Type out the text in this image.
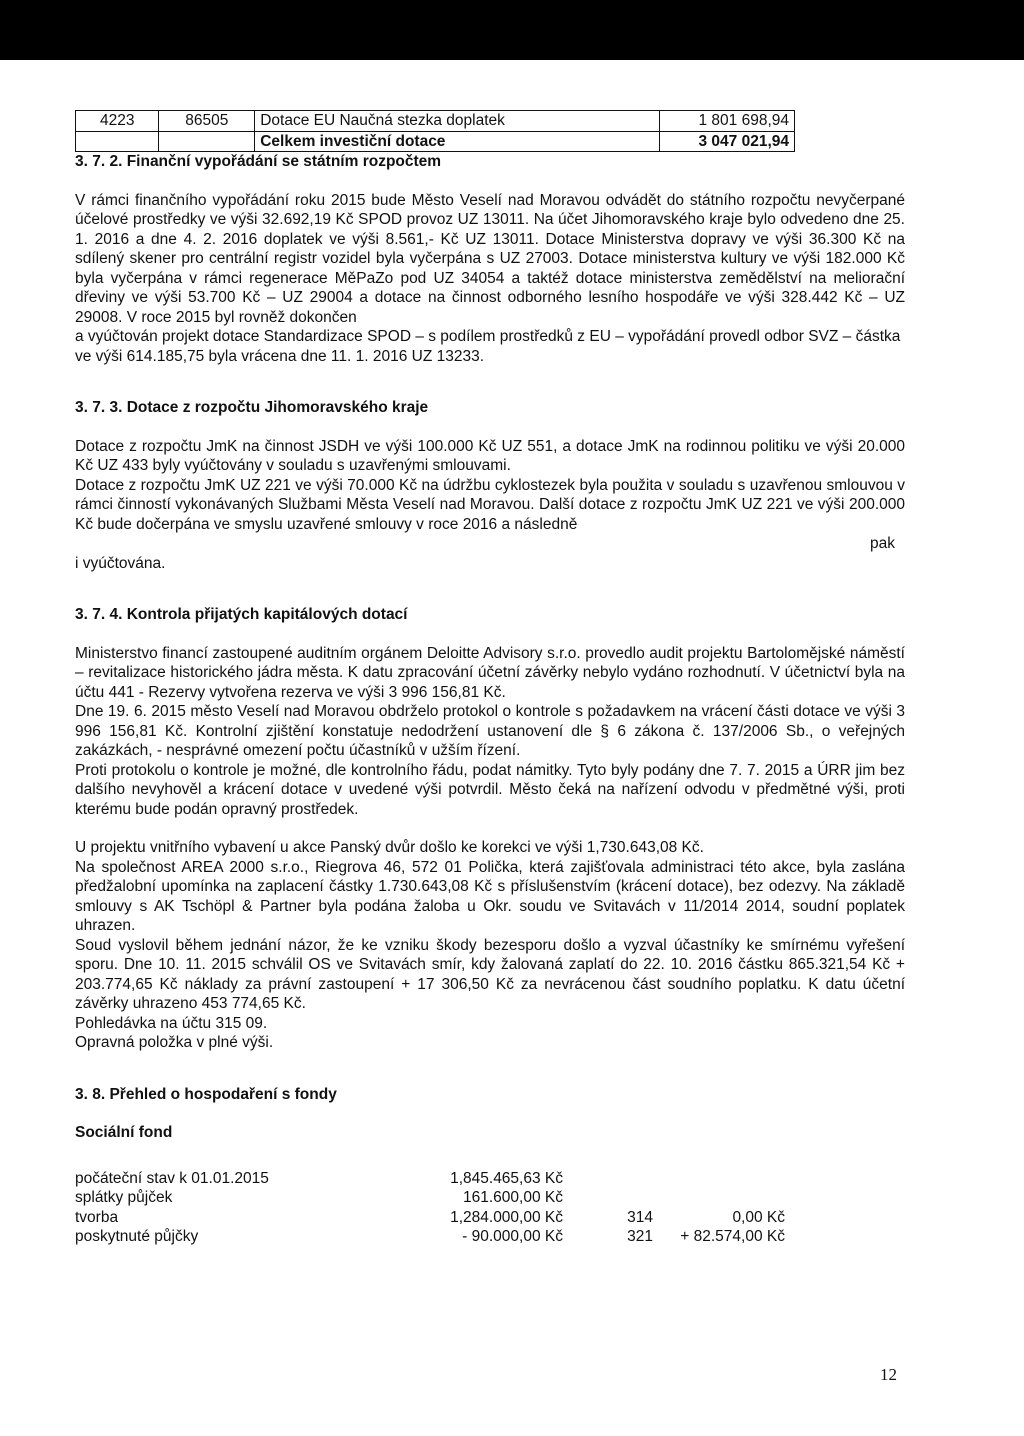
4223	86505	Dotace EU Naučná stezka doplatek	1 801 698,94
		Celkem investiční dotace	3 047 021,94

3. 7. 2. Finanční vypořádání se státním rozpočtem

V rámci finančního vypořádání roku 2015 bude Město Veselí nad Moravou odvádět do státního rozpočtu nevyčerpané účelové prostředky ve výši 32.692,19 Kč SPOD provoz UZ 13011. Na účet Jihomoravského kraje bylo odvedeno dne 25. 1. 2016 a dne 4. 2. 2016 doplatek ve výši 8.561,- Kč UZ 13011. Dotace Ministerstva dopravy ve výši 36.300 Kč na sdílený skener pro centrální registr vozidel byla vyčerpána s UZ 27003. Dotace ministerstva kultury ve výši 182.000 Kč byla vyčerpána v rámci regenerace MěPaZo pod UZ 34054 a taktéž dotace ministerstva zemědělství na meliorační dřeviny ve výši 53.700 Kč – UZ 29004 a dotace na činnost odborného lesního hospodáře ve výši 328.442 Kč – UZ 29008. V roce 2015 byl rovněž dokončen

a vyúčtován projekt dotace Standardizace SPOD – s podílem prostředků z EU – vypořádání provedl odbor SVZ – částka ve výši 614.185,75 byla vrácena dne 11. 1. 2016 UZ 13233.

3. 7. 3. Dotace z rozpočtu Jihomoravského kraje

Dotace z rozpočtu JmK na činnost JSDH ve výši 100.000 Kč UZ 551, a dotace JmK na rodinnou politiku ve výši 20.000 Kč UZ 433 byly vyúčtovány v souladu s uzavřenými smlouvami.

Dotace z rozpočtu JmK UZ 221 ve výši 70.000 Kč na údržbu cyklostezek byla použita v souladu s uzavřenou smlouvou v rámci činností vykonávaných Službami Města Veselí nad Moravou. Další dotace z rozpočtu JmK UZ 221 ve výši 200.000 Kč bude dočerpána ve smyslu uzavřené smlouvy v roce 2016 a následně

pak

i vyúčtována.

3. 7. 4. Kontrola přijatých kapitálových dotací

Ministerstvo financí zastoupené auditním orgánem Deloitte Advisory s.r.o. provedlo audit projektu Bartolomějské náměstí – revitalizace historického jádra města. K datu zpracování účetní závěrky nebylo vydáno rozhodnutí. V účetnictví byla na účtu 441 - Rezervy vytvořena rezerva ve výši 3 996 156,81 Kč.

Dne 19. 6. 2015 město Veselí nad Moravou obdrželo protokol o kontrole s požadavkem na vrácení části dotace ve výši 3 996 156,81 Kč. Kontrolní zjištění konstatuje nedodržení ustanovení dle § 6 zákona č. 137/2006 Sb., o veřejných zakázkách, - nesprávné omezení počtu účastníků v užším řízení.

Proti protokolu o kontrole je možné, dle kontrolního řádu, podat námitky. Tyto byly podány dne 7. 7. 2015 a ÚRR jim bez dalšího nevyhověl a krácení dotace v uvedené výši potvrdil. Město čeká na nařízení odvodu v předmětné výši, proti kterému bude podán opravný prostředek.

U projektu vnitřního vybavení u akce Panský dvůr došlo ke korekci ve výši 1,730.643,08 Kč.

Na společnost AREA 2000 s.r.o., Riegrova 46, 572 01 Polička, která zajišťovala administraci této akce, byla zaslána předžalobní upomínka na zaplacení částky 1.730.643,08 Kč s příslušenstvím (krácení dotace), bez odezvy. Na základě smlouvy s AK Tschöpl & Partner byla podána žaloba u Okr. soudu ve Svitavách v 11/2014 2014, soudní poplatek uhrazen.

Soud vyslovil během jednání názor, že ke vzniku škody bezesporu došlo a vyzval účastníky ke smírnému vyřešení sporu. Dne 10. 11. 2015 schválil OS ve Svitavách smír, kdy žalovaná zaplatí do 22. 10. 2016 částku 865.321,54 Kč + 203.774,65 Kč náklady za právní zastoupení + 17 306,50 Kč za nevrácenou část soudního poplatku. K datu účetní závěrky uhrazeno 453 774,65 Kč.

Pohledávka na účtu 315 09.

Opravná položka v plné výši.

3. 8. Přehled o hospodaření s fondy

Sociální fond

počáteční stav k 01.01.2015	1,845.465,63 Kč		
splátky půjček	161.600,00 Kč		
tvorba	1,284.000,00 Kč	314	0,00 Kč
poskytnuté půjčky	- 90.000,00 Kč	321	+ 82.574,00 Kč
12
